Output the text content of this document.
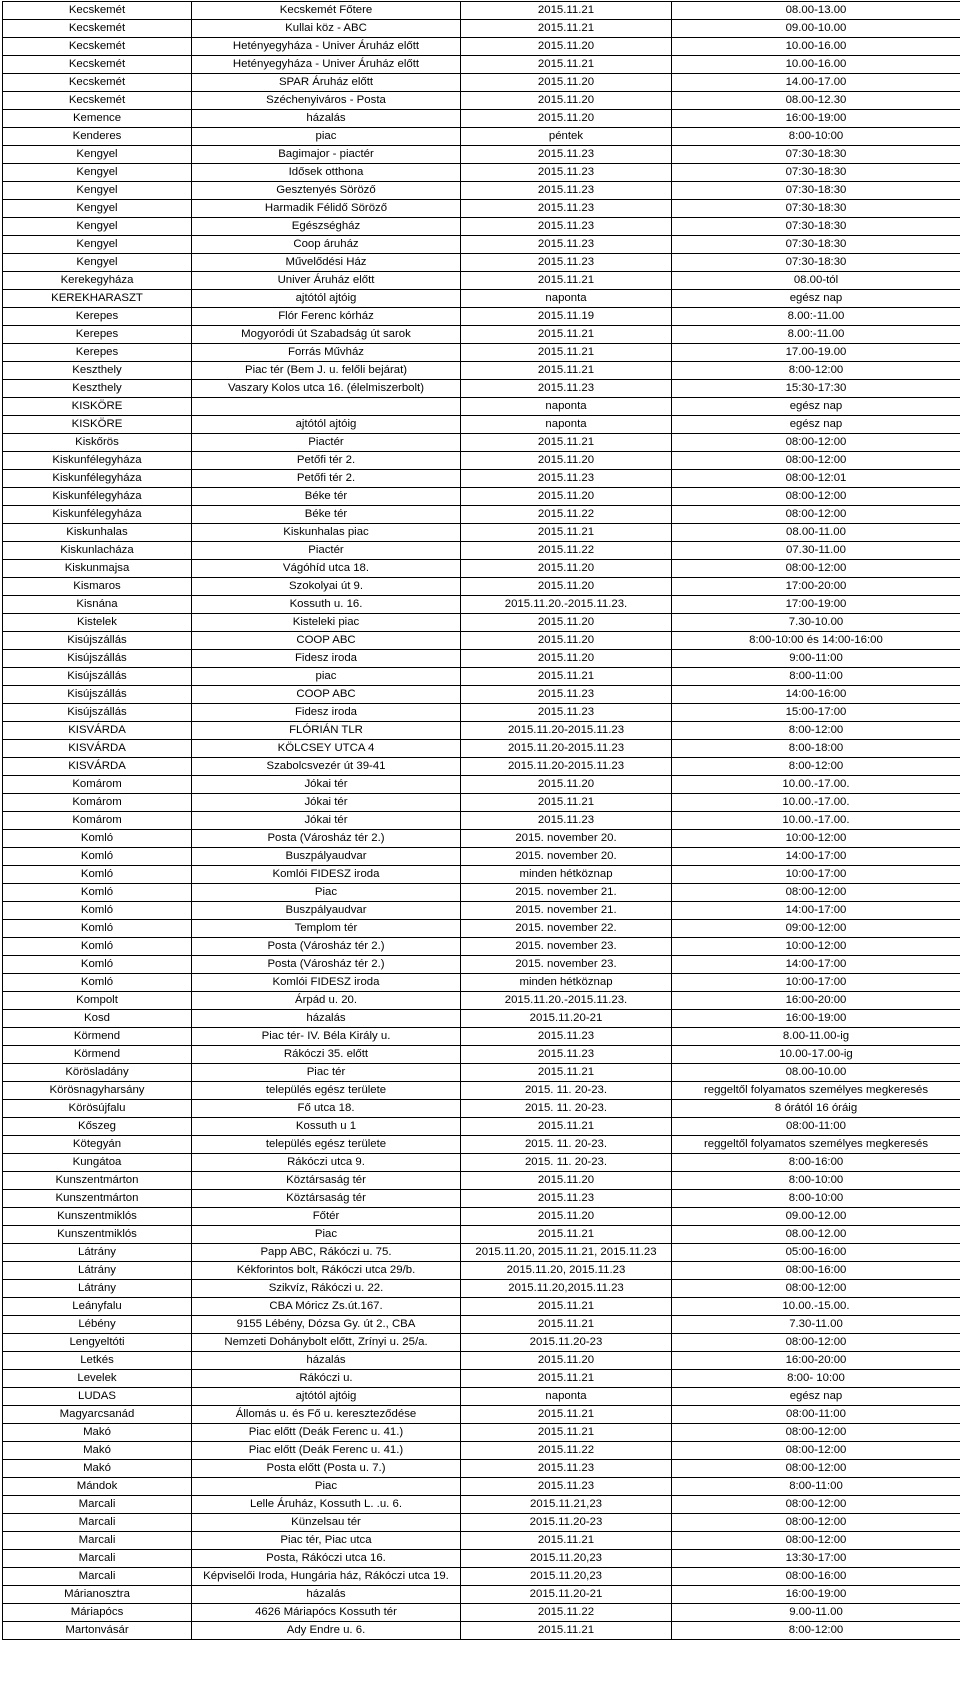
Kecskemét	Kecskemét Főtere	2015.11.21	08.00-13.00
Kecskemét	Kullai köz - ABC	2015.11.21	09.00-10.00
Kecskemét	Hetényegyháza - Univer Áruház előtt	2015.11.20	10.00-16.00
Kecskemét	Hetényegyháza - Univer Áruház előtt	2015.11.21	10.00-16.00
Kecskemét	SPAR Áruház előtt	2015.11.20	14.00-17.00
Kecskemét	Széchenyiváros - Posta	2015.11.20	08.00-12.30
Kemence	házalás	2015.11.20	16:00-19:00
Kenderes	piac	péntek	8:00-10:00
Kengyel	Bagimajor - piactér	2015.11.23	07:30-18:30
Kengyel	Idősek otthona	2015.11.23	07:30-18:30
Kengyel	Gesztenyés Söröző	2015.11.23	07:30-18:30
Kengyel	Harmadik Félidő Söröző	2015.11.23	07:30-18:30
Kengyel	Egészségház	2015.11.23	07:30-18:30
Kengyel	Coop áruház	2015.11.23	07:30-18:30
Kengyel	Művelődési Ház	2015.11.23	07:30-18:30
Kerekegyháza	Univer Áruház előtt	2015.11.21	08.00-tól
KEREKHARASZT	ajtótól ajtóig	naponta	egész nap
Kerepes	Flór Ferenc kórház	2015.11.19	8.00:-11.00
Kerepes	Mogyoródi út Szabadság út sarok	2015.11.21	8.00:-11.00
Kerepes	Forrás Művház	2015.11.21	17.00-19.00
Keszthely	Piac tér (Bem J. u. felőli bejárat)	2015.11.21	8:00-12:00
Keszthely	Vaszary Kolos utca 16. (élelmiszerbolt)	2015.11.23	15:30-17:30
KISKÖRE		naponta	egész nap
KISKÖRE	ajtótól ajtóig	naponta	egész nap
Kiskőrös	Piactér	2015.11.21	08:00-12:00
Kiskunfélegyháza	Petőfi tér 2.	2015.11.20	08:00-12:00
Kiskunfélegyháza	Petőfi tér 2.	2015.11.23	08:00-12:01
Kiskunfélegyháza	Béke tér	2015.11.20	08:00-12:00
Kiskunfélegyháza	Béke tér	2015.11.22	08:00-12:00
Kiskunhalas	Kiskunhalas piac	2015.11.21	08.00-11.00
Kiskunlacháza	Piactér	2015.11.22	07.30-11.00
Kiskunmajsa	Vágóhíd utca 18.	2015.11.20	08:00-12:00
Kismaros	Szokolyai út 9.	2015.11.20	17:00-20:00
Kisnána	Kossuth u. 16.	2015.11.20.-2015.11.23.	17:00-19:00
Kistelek	Kisteleki piac	2015.11.20	7.30-10.00
Kisújszállás	COOP ABC	2015.11.20	8:00-10:00 és 14:00-16:00
Kisújszállás	Fidesz iroda	2015.11.20	9:00-11:00
Kisújszállás	piac	2015.11.21	8:00-11:00
Kisújszállás	COOP ABC	2015.11.23	14:00-16:00
Kisújszállás	Fidesz iroda	2015.11.23	15:00-17:00
KISVÁRDA	FLÓRIÁN TLR	2015.11.20-2015.11.23	8:00-12:00
KISVÁRDA	KÖLCSEY UTCA 4	2015.11.20-2015.11.23	8:00-18:00
KISVÁRDA	Szabolcsvezér út 39-41	2015.11.20-2015.11.23	8:00-12:00
Komárom	Jókai tér	2015.11.20	10.00.-17.00.
Komárom	Jókai tér	2015.11.21	10.00.-17.00.
Komárom	Jókai tér	2015.11.23	10.00.-17.00.
Komló	Posta (Városház tér 2.)	2015. november 20.	10:00-12:00
Komló	Buszpályaudvar	2015. november 20.	14:00-17:00
Komló	Komlói FIDESZ iroda	minden hétköznap	10:00-17:00
Komló	Piac	2015. november 21.	08:00-12:00
Komló	Buszpályaudvar	2015. november 21.	14:00-17:00
Komló	Templom tér	2015. november 22.	09:00-12:00
Komló	Posta (Városház tér 2.)	2015. november 23.	10:00-12:00
Komló	Posta (Városház tér 2.)	2015. november 23.	14:00-17:00
Komló	Komlói FIDESZ iroda	minden hétköznap	10:00-17:00
Kompolt	Árpád u. 20.	2015.11.20.-2015.11.23.	16:00-20:00
Kosd	házalás	2015.11.20-21	16:00-19:00
Körmend	Piac tér- IV. Béla Király u.	2015.11.23	8.00-11.00-ig
Körmend	Rákóczi 35. előtt	2015.11.23	10.00-17.00-ig
Körösladány	Piac tér	2015.11.21	08.00-10.00
Körösnagyharsány	település egész területe	2015. 11. 20-23.	reggeltől folyamatos személyes megkeresés
Körösújfalu	Fő utca 18.	2015. 11. 20-23.	8 órától 16 óráig
Kőszeg	Kossuth u 1	2015.11.21	08:00-11:00
Kötegyán	település egész területe	2015. 11. 20-23.	reggeltől folyamatos személyes megkeresés
Kungátoa	Rákóczi utca 9.	2015. 11. 20-23.	8:00-16:00
Kunszentmárton	Köztársaság tér	2015.11.20	8:00-10:00
Kunszentmárton	Köztársaság tér	2015.11.23	8:00-10:00
Kunszentmiklós	Főtér	2015.11.20	09.00-12.00
Kunszentmiklós	Piac	2015.11.21	08.00-12.00
Látrány	Papp ABC, Rákóczi u. 75.	2015.11.20, 2015.11.21, 2015.11.23	05:00-16:00
Látrány	Kékforintos bolt, Rákóczi utca 29/b.	2015.11.20, 2015.11.23	08:00-16:00
Látrány	Szikvíz, Rákóczi u. 22.	2015.11.20,2015.11.23	08:00-12:00
Leányfalu	CBA Móricz Zs.út.167.	2015.11.21	10.00.-15.00.
Lébény	9155 Lébény, Dózsa Gy. út 2., CBA	2015.11.21	7.30-11.00
Lengyeltóti	Nemzeti Dohánybolt előtt, Zrínyi u. 25/a.	2015.11.20-23	08:00-12:00
Letkés	házalás	2015.11.20	16:00-20:00
Levelek	Rákóczi u.	2015.11.21	8:00- 10:00
LUDAS	ajtótól ajtóig	naponta	egész nap
Magyarcsanád	Állomás u. és Fő u. kereszteződése	2015.11.21	08:00-11:00
Makó	Piac előtt (Deák Ferenc u. 41.)	2015.11.21	08:00-12:00
Makó	Piac előtt (Deák Ferenc u. 41.)	2015.11.22	08:00-12:00
Makó	Posta előtt (Posta u. 7.)	2015.11.23	08:00-12:00
Mándok	Piac	2015.11.23	8:00-11:00
Marcali	Lelle Áruház, Kossuth L. .u. 6.	2015.11.21,23	08:00-12:00
Marcali	Künzelsau tér	2015.11.20-23	08:00-12:00
Marcali	Piac tér, Piac utca	2015.11.21	08:00-12:00
Marcali	Posta, Rákóczi utca 16.	2015.11.20,23	13:30-17:00
Marcali	Képviselői Iroda, Hungária ház, Rákóczi utca 19.	2015.11.20,23	08:00-16:00
Márianosztra	házalás	2015.11.20-21	16:00-19:00
Máriapócs	4626 Máriapócs Kossuth tér	2015.11.22	9.00-11.00
Martonvásár	Ady Endre u. 6.	2015.11.21	8:00-12:00
